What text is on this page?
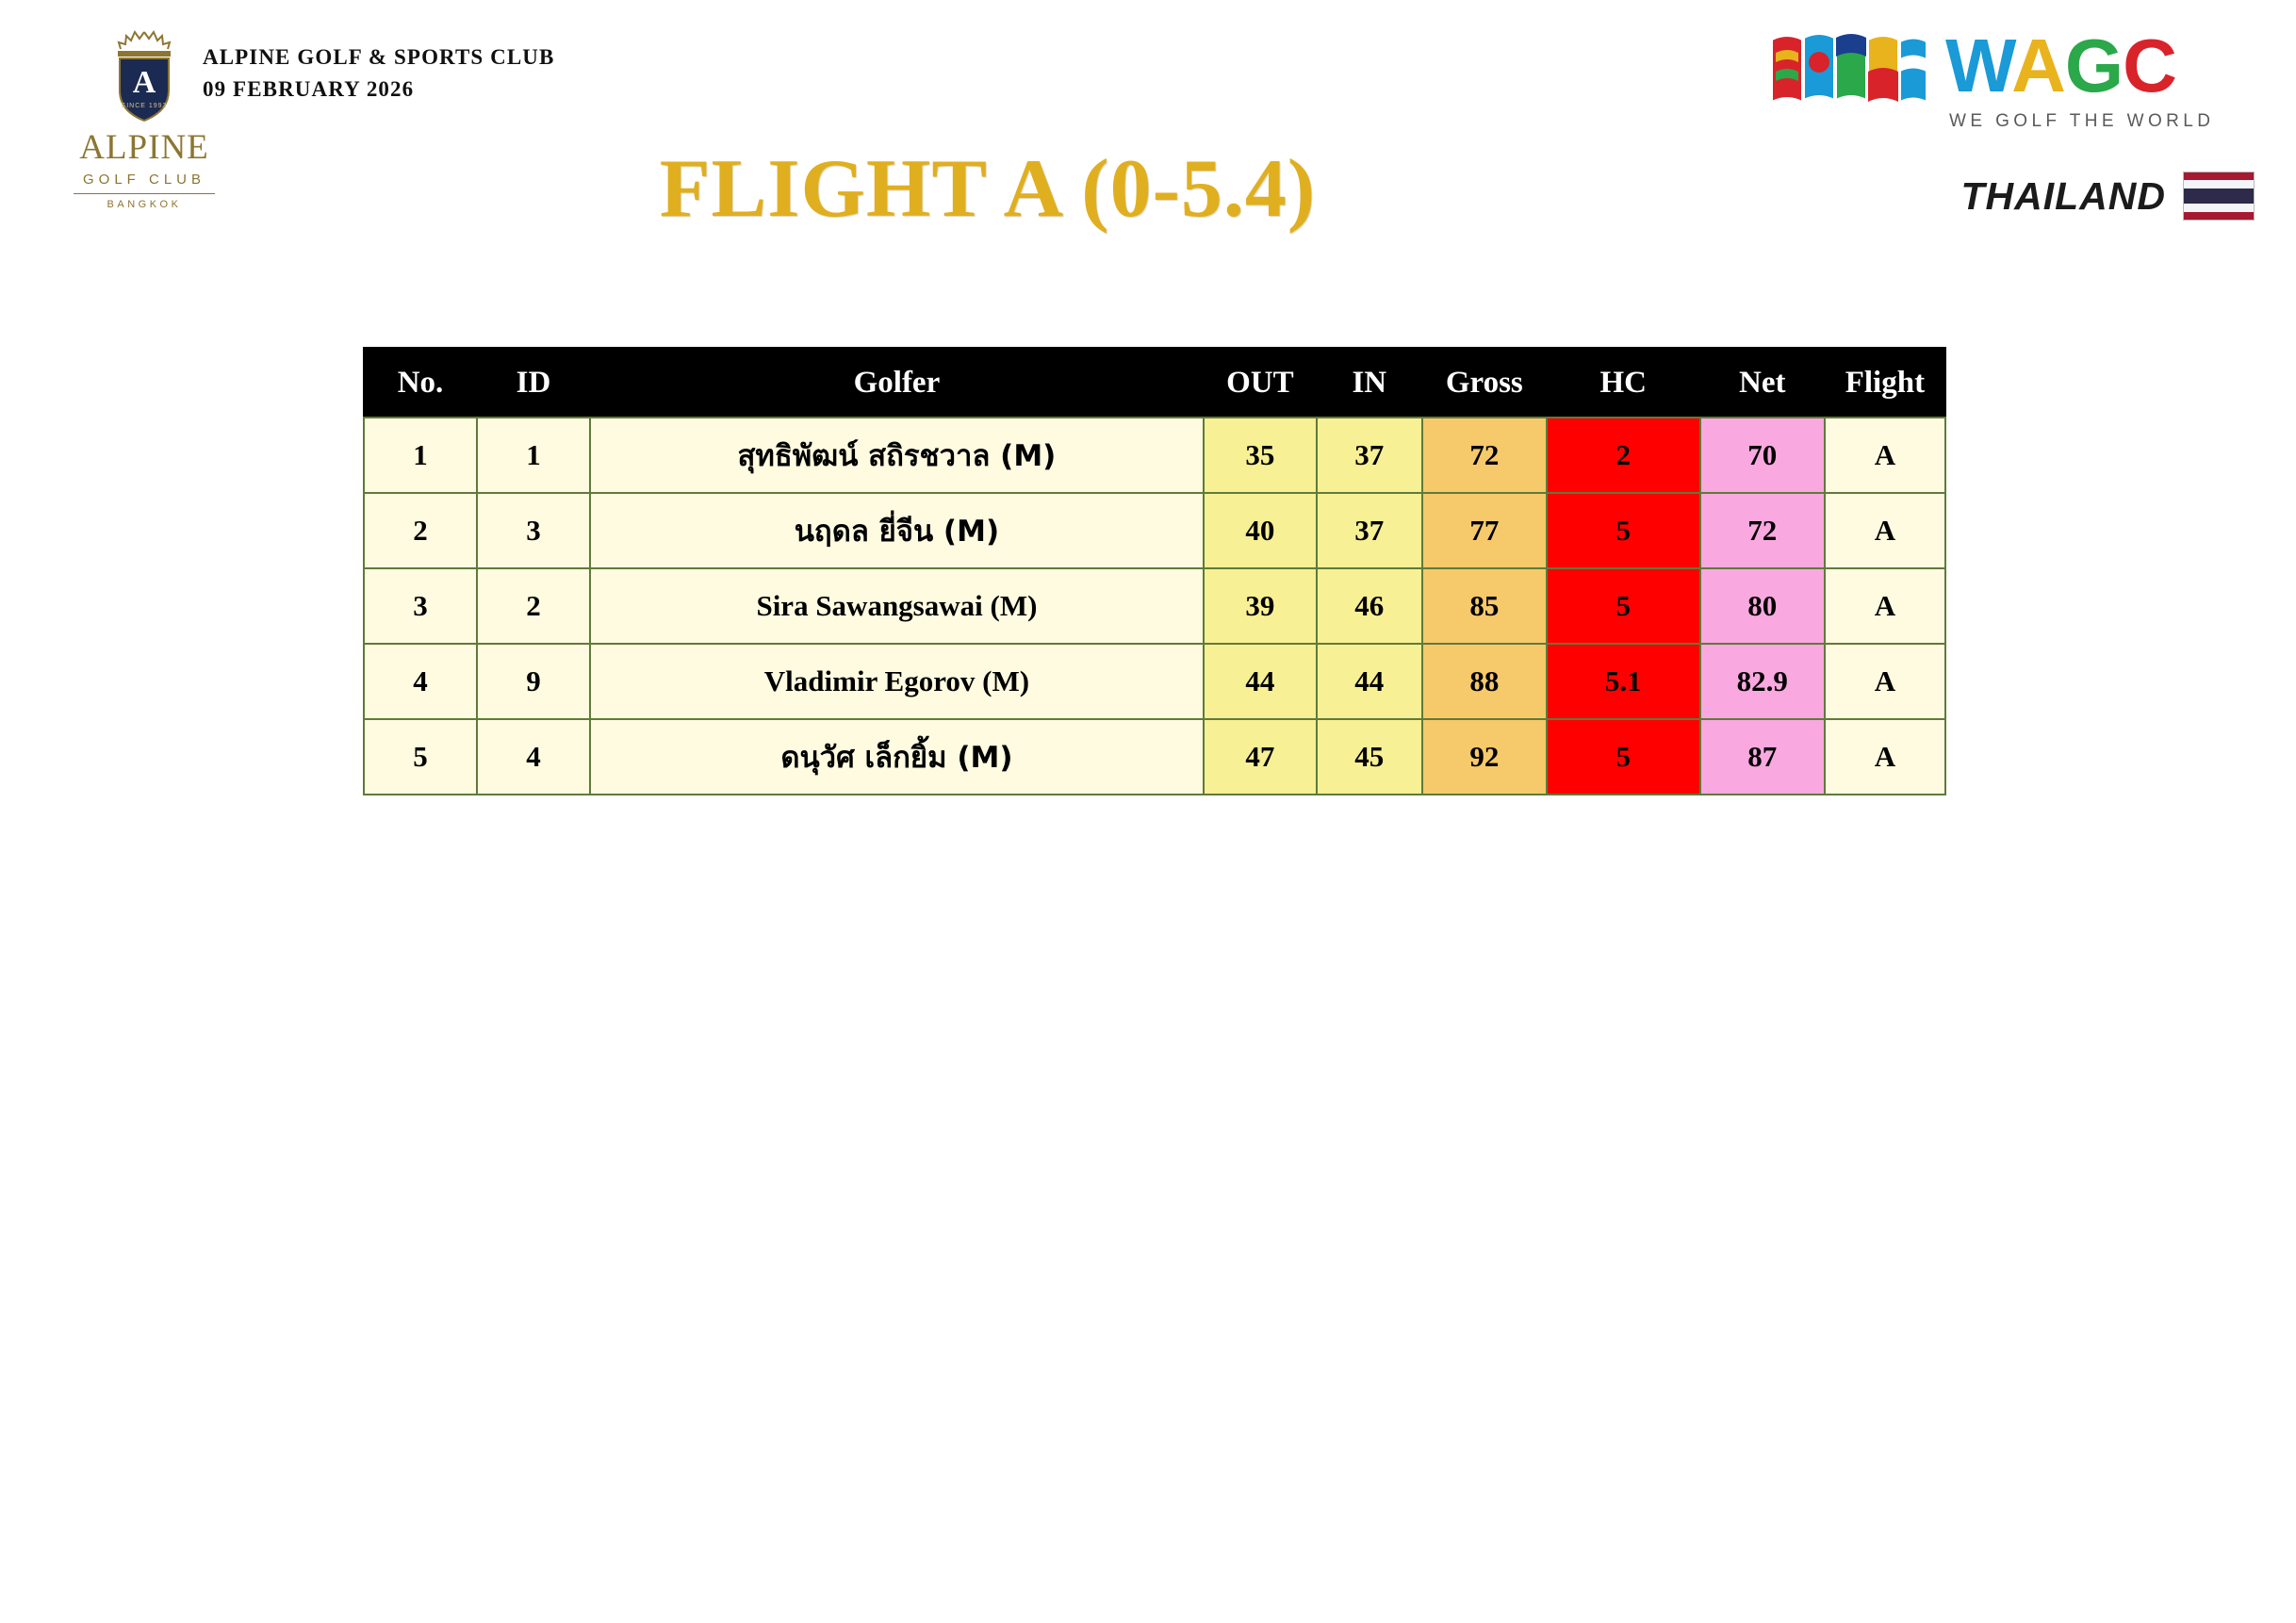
A
SINCE 1993
ALPINE
GOLF CLUB
BANGKOK
ALPINE GOLF & SPORTS CLUB
09 FEBRUARY 2026
FLIGHT A (0-5.4)
WAGC
WE GOLF THE WORLD
THAILAND
No.	ID	Golfer	OUT	IN	Gross	HC	Net	Flight
1	1	สุทธิพัฒน์ สถิรชวาล (M)	35	37	72	2	70	A
2	3	นฤดล ยี่จีน (M)	40	37	77	5	72	A
3	2	Sira Sawangsawai (M)	39	46	85	5	80	A
4	9	Vladimir Egorov (M)	44	44	88	5.1	82.9	A
5	4	ดนุวัศ เล็กยิ้ม (M)	47	45	92	5	87	A
